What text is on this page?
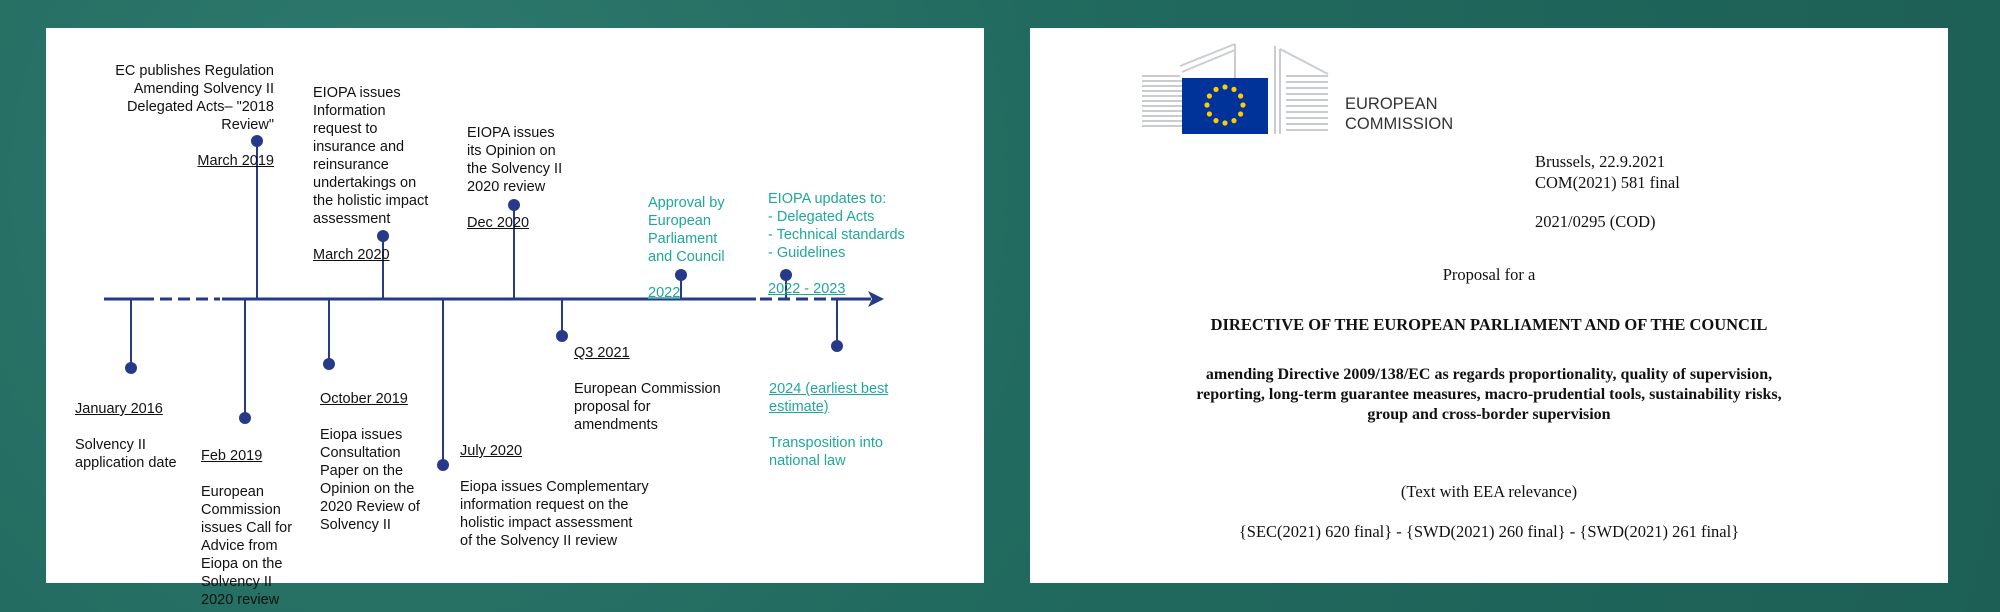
EC publishes Regulation
Amending Solvency II
Delegated Acts– "2018
Review"

March 2019

EIOPA issues
Information
request to
insurance and
reinsurance
undertakings on
the holistic impact
assessment

March 2020

EIOPA issues
its Opinion on
the Solvency II
2020 review

Dec 2020

Approval by
European
Parliament
and Council

2022

EIOPA updates to:
- Delegated Acts
- Technical standards
- Guidelines

2022 - 2023

January 2016

Solvency II
application date	Feb 2019

European
Commission
issues Call for
Advice from
Eiopa on the
Solvency II
2020 review

October 2019

Eiopa issues
Consultation
Paper on the
Opinion on the
2020 Review of
Solvency II

July 2020

Eiopa issues Complementary
information request on the
holistic impact assessment
of the Solvency II review

Q3 2021

European Commission
proposal for
amendments

2024 (earliest best
estimate)

Transposition into
national law

EUROPEAN
COMMISSION
Brussels, 22.9.2021
COM(2021) 581 final
2021/0295 (COD)
Proposal for a
DIRECTIVE OF THE EUROPEAN PARLIAMENT AND OF THE COUNCIL
amending Directive 2009/138/EC as regards proportionality, quality of supervision,
reporting, long-term guarantee measures, macro-prudential tools, sustainability risks,
group and cross-border supervision
(Text with EEA relevance)
{SEC(2021) 620 final} - {SWD(2021) 260 final} - {SWD(2021) 261 final}
